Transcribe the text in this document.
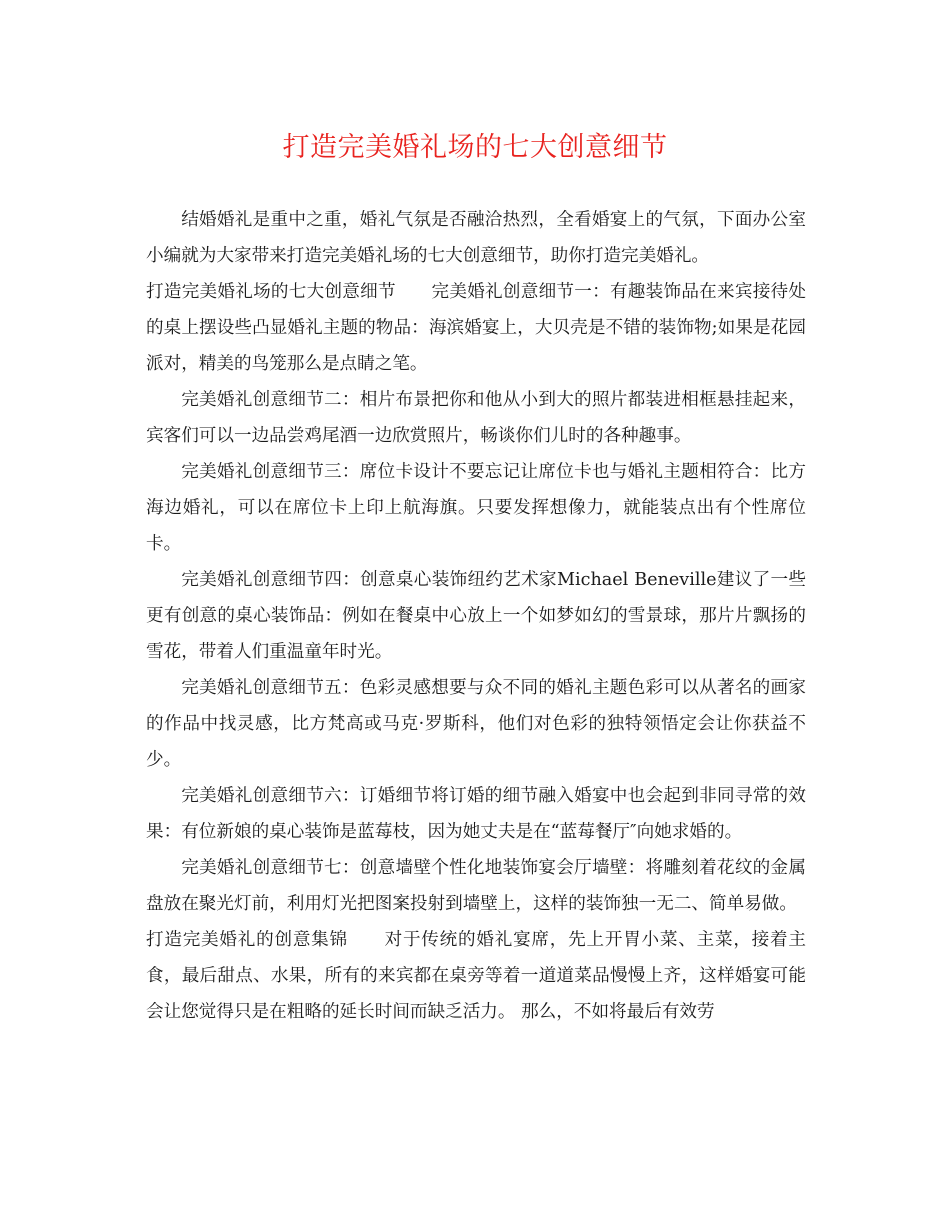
打造完美婚礼场的七大创意细节

结婚婚礼是重中之重，婚礼气氛是否融洽热烈，全看婚宴上的气氛，下面办公室小编就为大家带来打造完美婚礼场的七大创意细节，助你打造完美婚礼。

打造完美婚礼场的七大创意细节　　完美婚礼创意细节一：有趣装饰品在来宾接待处的桌上摆设些凸显婚礼主题的物品：海滨婚宴上，大贝壳是不错的装饰物;如果是花园派对，精美的鸟笼那么是点睛之笔。

完美婚礼创意细节二：相片布景把你和他从小到大的照片都装进相框悬挂起来，宾客们可以一边品尝鸡尾酒一边欣赏照片，畅谈你们儿时的各种趣事。

完美婚礼创意细节三：席位卡设计不要忘记让席位卡也与婚礼主题相符合：比方海边婚礼，可以在席位卡上印上航海旗。只要发挥想像力，就能装点出有个性席位卡。

完美婚礼创意细节四：创意桌心装饰纽约艺术家Michael Beneville建议了一些更有创意的桌心装饰品：例如在餐桌中心放上一个如梦如幻的雪景球，那片片飘扬的雪花，带着人们重温童年时光。

完美婚礼创意细节五：色彩灵感想要与众不同的婚礼主题色彩可以从著名的画家的作品中找灵感，比方梵高或马克·罗斯科，他们对色彩的独特领悟定会让你获益不少。

完美婚礼创意细节六：订婚细节将订婚的细节融入婚宴中也会起到非同寻常的效果：有位新娘的桌心装饰是蓝莓枝，因为她丈夫是在“蓝莓餐厅″向她求婚的。

完美婚礼创意细节七：创意墙壁个性化地装饰宴会厅墙壁：将雕刻着花纹的金属盘放在聚光灯前，利用灯光把图案投射到墙壁上，这样的装饰独一无二、简单易做。

打造完美婚礼的创意集锦　　对于传统的婚礼宴席，先上开胃小菜、主菜，接着主食，最后甜点、水果，所有的来宾都在桌旁等着一道道菜品慢慢上齐，这样婚宴可能会让您觉得只是在粗略的延长时间而缺乏活力。 那么，不如将最后有效劳
